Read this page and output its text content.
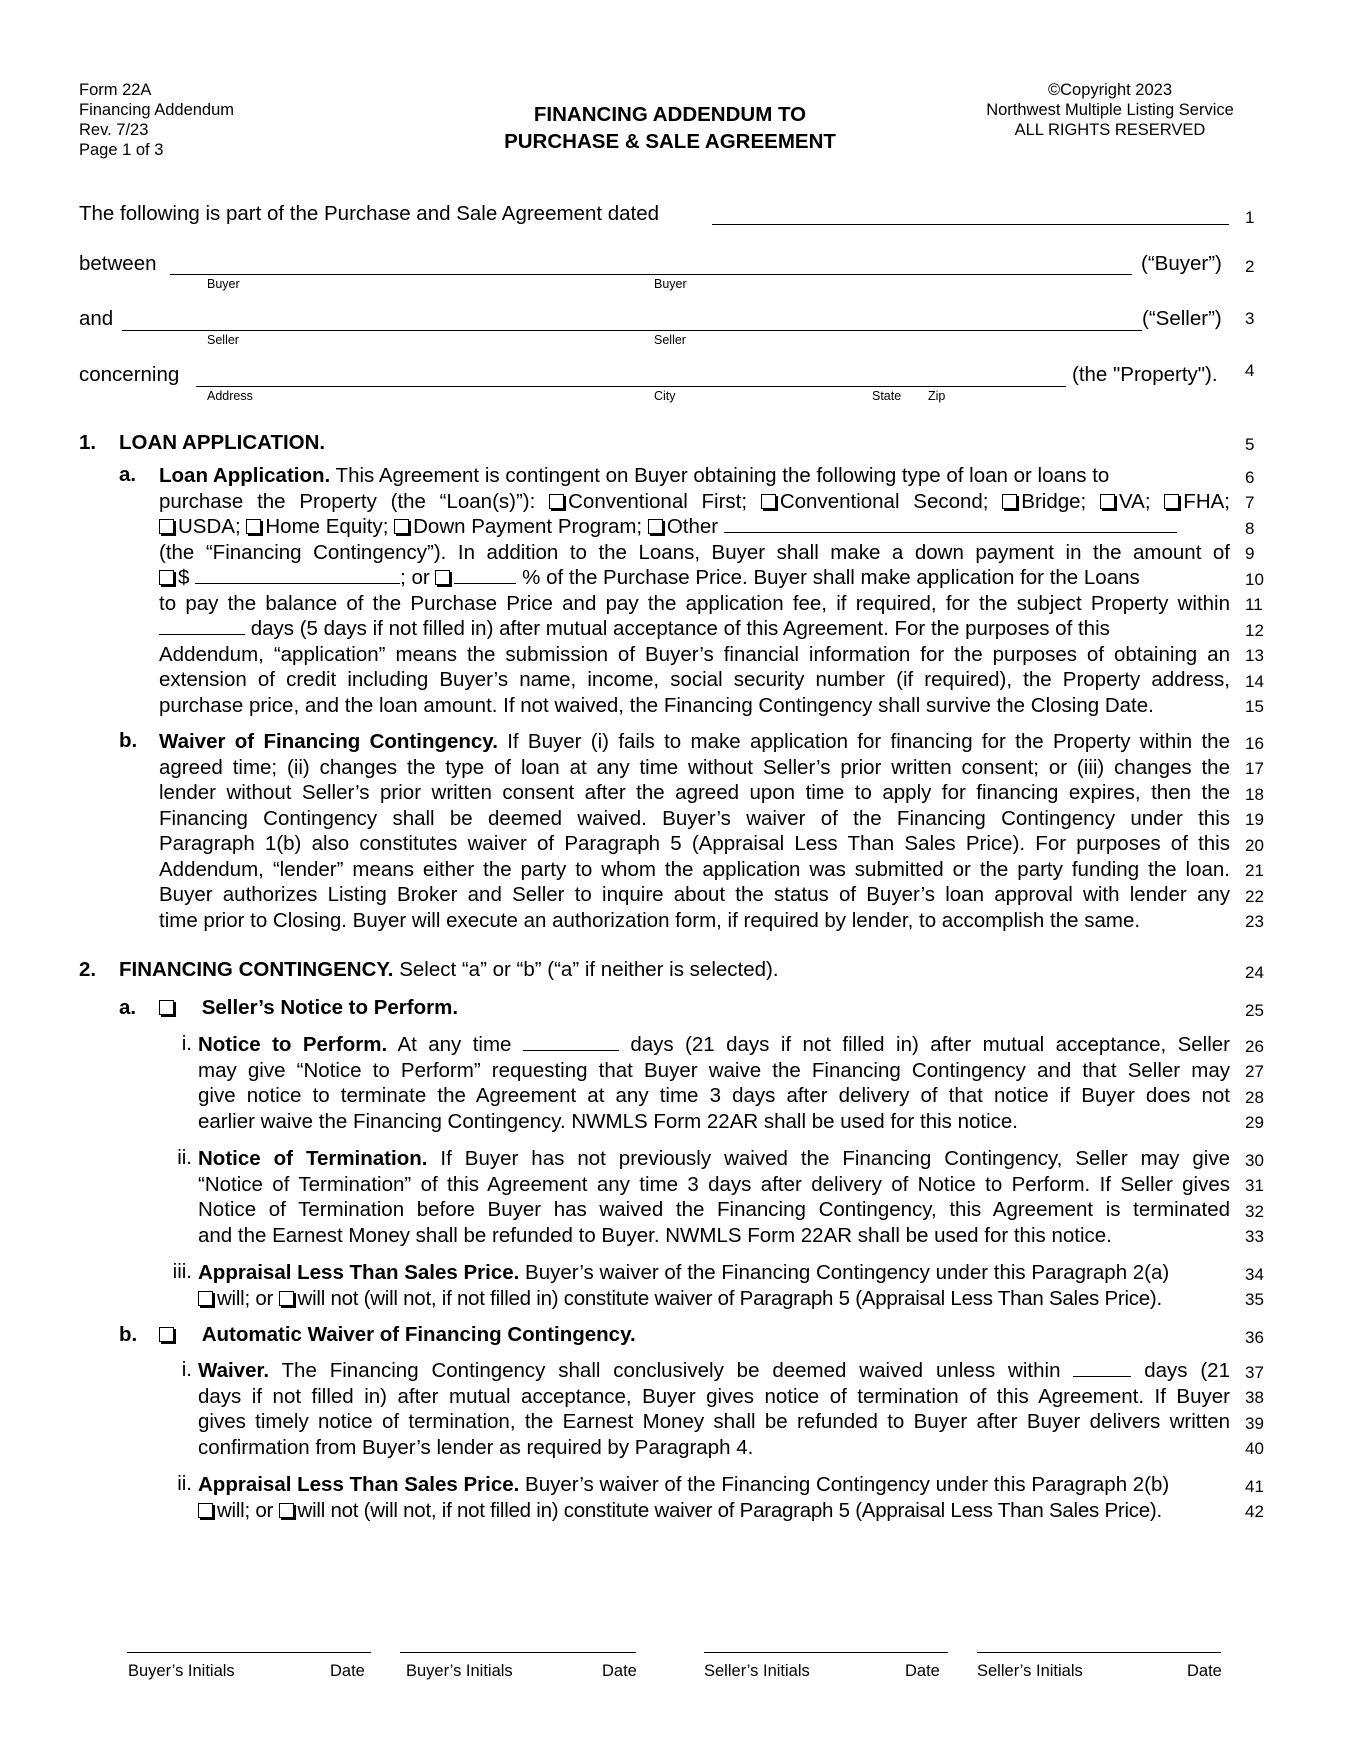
Form 22A
Financing Addendum
Rev. 7/23
Page 1 of 3
FINANCING ADDENDUM TO
PURCHASE & SALE AGREEMENT
©Copyright 2023
Northwest Multiple Listing Service
ALL RIGHTS RESERVED
The following is part of the Purchase and Sale Agreement dated
between	(“Buyer”)
Buyer	Buyer
and	(“Seller”)
Seller	Seller
concerning	(the "Property").
Address	City	State Zip
1. LOAN APPLICATION.
a. Loan Application. This Agreement is contingent on Buyer obtaining the following type of loan or loans to

purchase the Property (the “Loan(s)”): Conventional First; Conventional Second; Bridge; VA; FHA;

USDA; Home Equity; Down Payment Program; Other

(the “Financing Contingency”). In addition to the Loans, Buyer shall make a down payment in the amount of

$	; or	% of the Purchase Price. Buyer shall make application for the Loans

to pay the balance of the Purchase Price and pay the application fee, if required, for the subject Property within

days (5 days if not filled in) after mutual acceptance of this Agreement. For the purposes of this

Addendum, “application” means the submission of Buyer’s financial information for the purposes of obtaining an

extension of credit including Buyer’s name, income, social security number (if required), the Property address,

purchase price, and the loan amount. If not waived, the Financing Contingency shall survive the Closing Date.

b. Waiver of Financing Contingency. If Buyer (i) fails to make application for financing for the Property within the

agreed time; (ii) changes the type of loan at any time without Seller’s prior written consent; or (iii) changes the

lender without Seller’s prior written consent after the agreed upon time to apply for financing expires, then the

Financing Contingency shall be deemed waived. Buyer’s waiver of the Financing Contingency under this

Paragraph 1(b) also constitutes waiver of Paragraph 5 (Appraisal Less Than Sales Price). For purposes of this

Addendum, “lender” means either the party to whom the application was submitted or the party funding the loan.

Buyer authorizes Listing Broker and Seller to inquire about the status of Buyer’s loan approval with lender any

time prior to Closing. Buyer will execute an authorization form, if required by lender, to accomplish the same.

2. FINANCING CONTINGENCY. Select “a” or “b” (“a” if neither is selected).
a.	Seller’s Notice to Perform.
i. Notice to Perform. At any time	days (21 days if not filled in) after mutual acceptance, Seller

may give “Notice to Perform” requesting that Buyer waive the Financing Contingency and that Seller may

give notice to terminate the Agreement at any time 3 days after delivery of that notice if Buyer does not

earlier waive the Financing Contingency. NWMLS Form 22AR shall be used for this notice.

ii. Notice of Termination. If Buyer has not previously waived the Financing Contingency, Seller may give

“Notice of Termination” of this Agreement any time 3 days after delivery of Notice to Perform. If Seller gives

Notice of Termination before Buyer has waived the Financing Contingency, this Agreement is terminated

and the Earnest Money shall be refunded to Buyer. NWMLS Form 22AR shall be used for this notice.

iii. Appraisal Less Than Sales Price. Buyer’s waiver of the Financing Contingency under this Paragraph 2(a)

will; or will not (will not, if not filled in) constitute waiver of Paragraph 5 (Appraisal Less Than Sales Price).

b.	Automatic Waiver of Financing Contingency.
i. Waiver. The Financing Contingency shall conclusively be deemed waived unless within	days (21

days if not filled in) after mutual acceptance, Buyer gives notice of termination of this Agreement. If Buyer

gives timely notice of termination, the Earnest Money shall be refunded to Buyer after Buyer delivers written

confirmation from Buyer’s lender as required by Paragraph 4.

ii. Appraisal Less Than Sales Price. Buyer’s waiver of the Financing Contingency under this Paragraph 2(b)

will; or will not (will not, if not filled in) constitute waiver of Paragraph 5 (Appraisal Less Than Sales Price).

1
2
3
4
5
6
7
8
9
10
11
12
13
14
15
16
17
18
19
20
21
22
23
24
25
26
27
28
29
30
31
32
33
34
35
36
37
38
39
40
41
42
Buyer’s Initials	Date Buyer’s Initials	Date	Seller’s Initials	Date Seller’s Initials	Date
